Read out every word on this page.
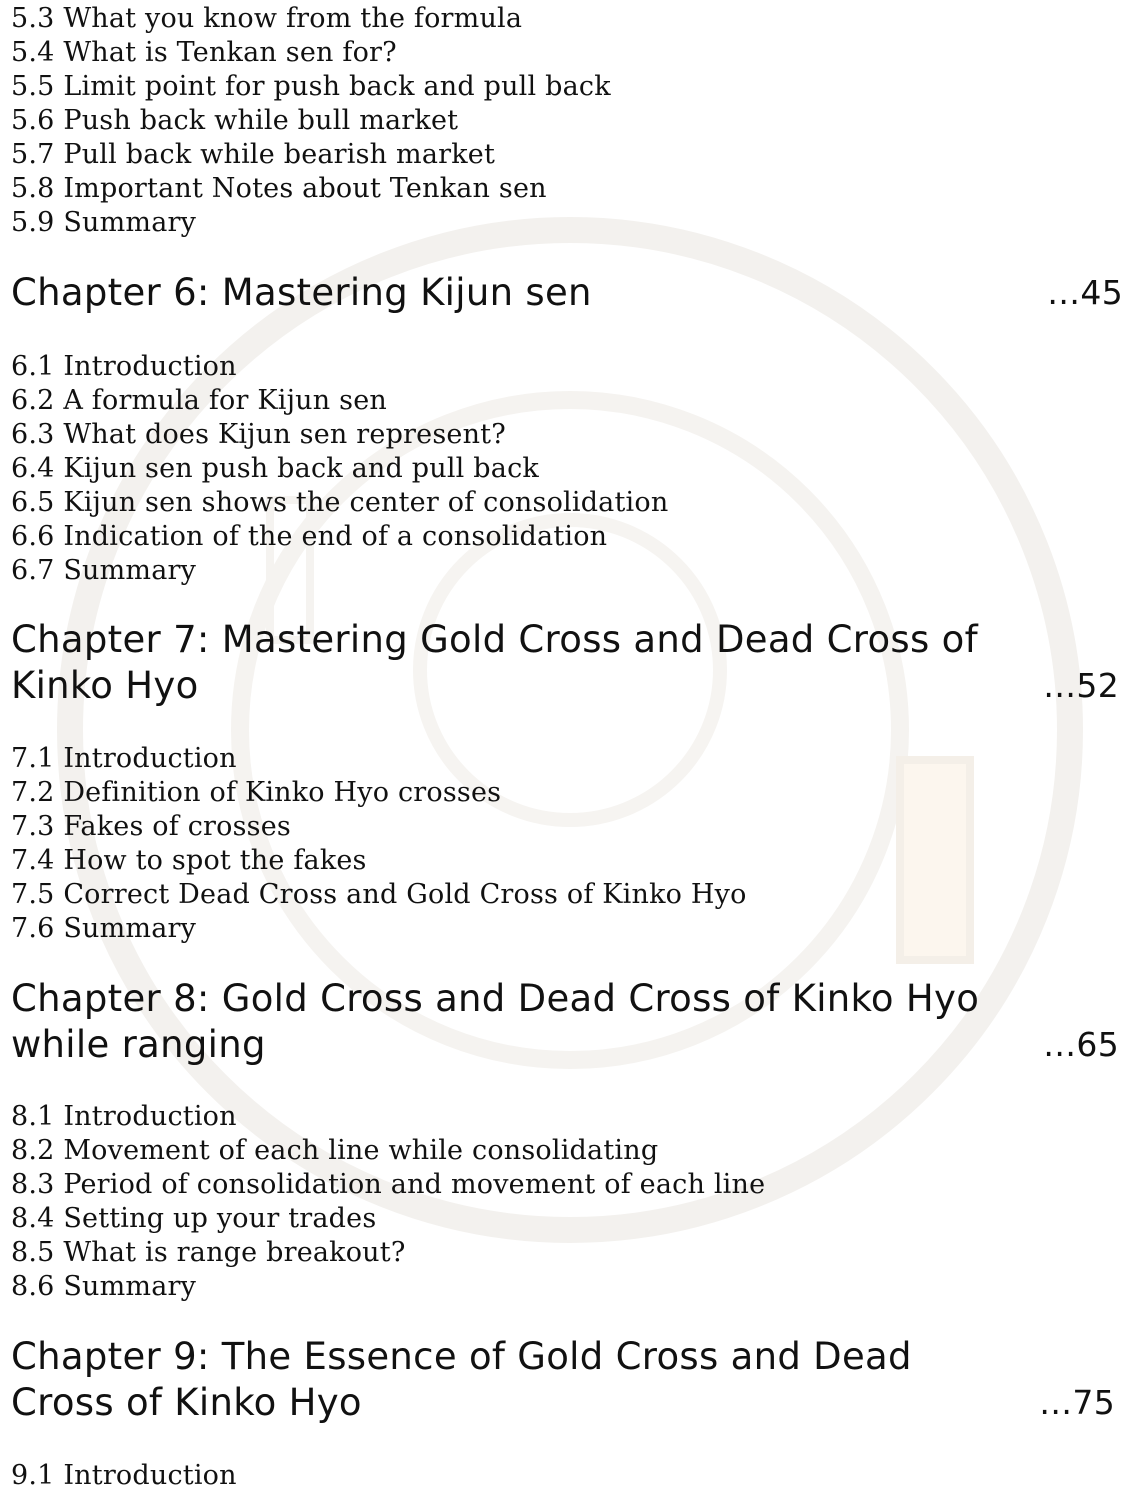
5.3 What you know from the formula
5.4 What is Tenkan sen for?
5.5 Limit point for push back and pull back
5.6 Push back while bull market
5.7 Pull back while bearish market
5.8 Important Notes about Tenkan sen
5.9 Summary
Chapter 6: Mastering Kijun sen	…45
6.1 Introduction
6.2 A formula for Kijun sen
6.3 What does Kijun sen represent?
6.4 Kijun sen push back and pull back
6.5 Kijun sen shows the center of consolidation
6.6 Indication of the end of a consolidation
6.7 Summary
Chapter 7: Mastering Gold Cross and Dead Cross of Kinko Hyo	…52
7.1 Introduction
7.2 Definition of Kinko Hyo crosses
7.3 Fakes of crosses
7.4 How to spot the fakes
7.5 Correct Dead Cross and Gold Cross of Kinko Hyo
7.6 Summary
Chapter 8: Gold Cross and Dead Cross of Kinko Hyo while ranging	…65
8.1 Introduction
8.2 Movement of each line while consolidating
8.3 Period of consolidation and movement of each line
8.4 Setting up your trades
8.5 What is range breakout?
8.6 Summary
Chapter 9: The Essence of Gold Cross and Dead Cross of Kinko Hyo	…75
9.1 Introduction
